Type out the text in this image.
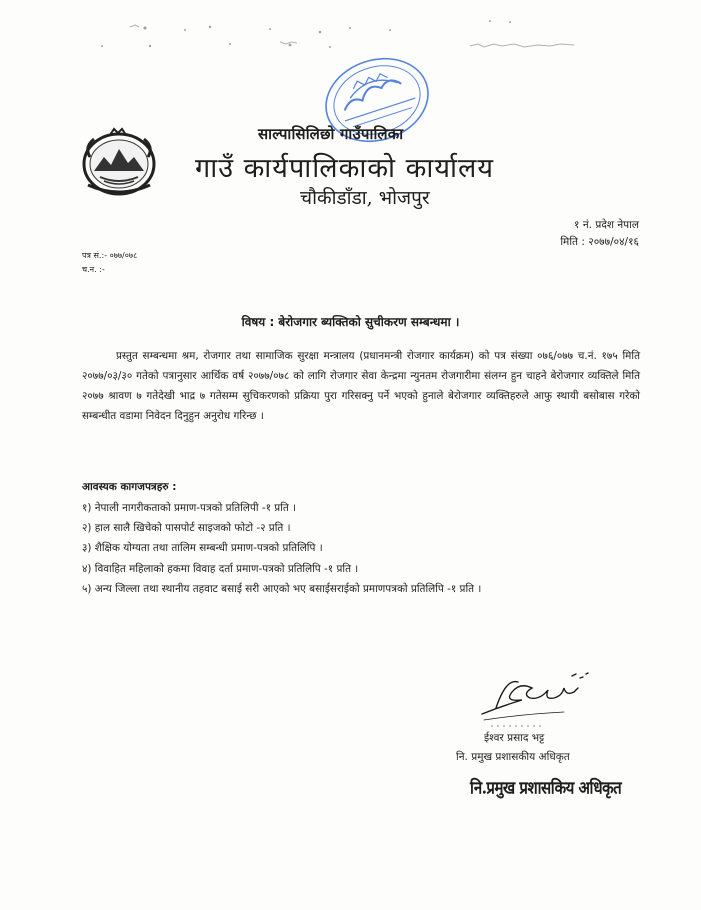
साल्पासिलिछो गाउँपालिका
गाउँ कार्यपालिकाको कार्यालय
चौकीडाँडा, भोजपुर
१ नं. प्रदेश नेपाल
मिति : २०७७/०४/१६
पत्र सं.:- ०७७/०७८
च.न. :-
विषय : बेरोजगार ब्यक्तिको सुचीकरण सम्बन्धमा ।

प्रस्तुत सम्बन्धमा श्रम, रोजगार तथा सामाजिक सुरक्षा मन्त्रालय (प्रधानमन्त्री रोजगार कार्यक्रम) को पत्र संख्या ०७६/०७७ च.नं. १७५ मिति २०७७/०३/३० गतेको पत्रानुसार आर्थिक वर्ष २०७७/०७८ को लागि रोजगार सेवा केन्द्रमा न्युनतम रोजगारीमा संलग्न हुन चाहने बेरोजगार व्यक्तिले मिति २०७७ श्रावण ७ गतेदेखी भाद्र ७ गतेसम्म सुचिकरणको प्रक्रिया पुरा गरिसक्नु पर्ने भएको हुनाले बेरोजगार व्यक्तिहरुले आफु स्थायी बसोबास गरेको सम्बन्धीत वडामा निवेदन दिनुहुन अनुरोध गरिन्छ ।

आवस्यक कागजपत्रहरु :
१) नेपाली नागरीकताको प्रमाण-पत्रको प्रतिलिपी -१ प्रति ।
२) हाल सालै खिचेको पासपोर्ट साइजको फोटो -२ प्रति ।
३) शैक्षिक योग्यता तथा तालिम सम्बन्धी प्रमाण-पत्रको प्रतिलिपि ।
४) विवाहित महिलाको हकमा विवाह दर्ता प्रमाण-पत्रको प्रतिलिपि -१ प्रति ।
५) अन्य जिल्ला तथा स्थानीय तहवाट बसाई सरी आएको भए बसाईसराईको प्रमाणपत्रको प्रतिलिपि -१ प्रति ।
ईश्वर प्रसाद भट्ट
नि. प्रमुख प्रशासकीय अधिकृत
नि.प्रमुख प्रशासकिय अधिकृत
